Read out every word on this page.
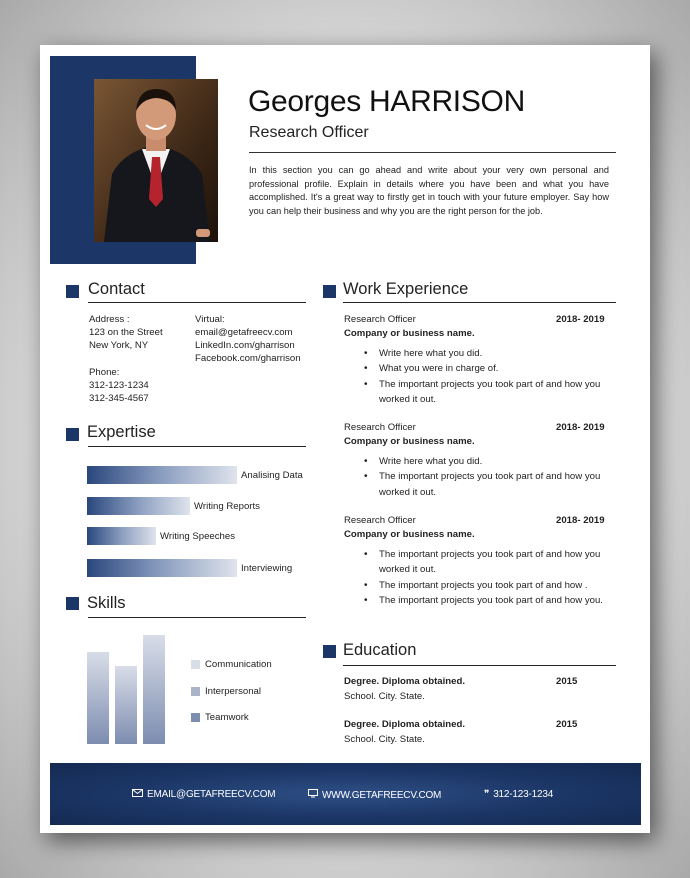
Georges HARRISON
Research Officer
In this section you can go ahead and write about your very own personal and professional profile. Explain in details where you have been and what you have accomplished. It's a great way to firstly get in touch with your future employer. Say how you can help their business and why you are the right person for the job.
Contact
Address :
123 on the Street
New York, NY
Phone:
312-123-1234
312-345-4567
Virtual:
email@getafreecv.com
LinkedIn.com/gharrison
Facebook.com/gharrison
Expertise
Analising Data
Writing Reports
Writing Speeches
Interviewing
Skills
Communication
Interpersonal
Teamwork
Work Experience
Research Officer	2018- 2019
Company or business name.
• Write here what you did.
• What you were in charge of.
• The important projects you took part of and how you worked it out.
Research Officer	2018- 2019
Company or business name.
• Write here what you did.
• The important projects you took part of and how you worked it out.
Research Officer	2018- 2019
Company or business name.
• The important projects you took part of and how you worked it out.
• The important projects you took part of and how .
• The important projects you took part of and how you.
Education
Degree. Diploma obtained.	2015
School. City. State.
Degree. Diploma obtained.	2015
School. City. State.
EMAIL@GETAFREECV.COM	WWW.GETAFREECV.COM	❞ 312-123-1234
